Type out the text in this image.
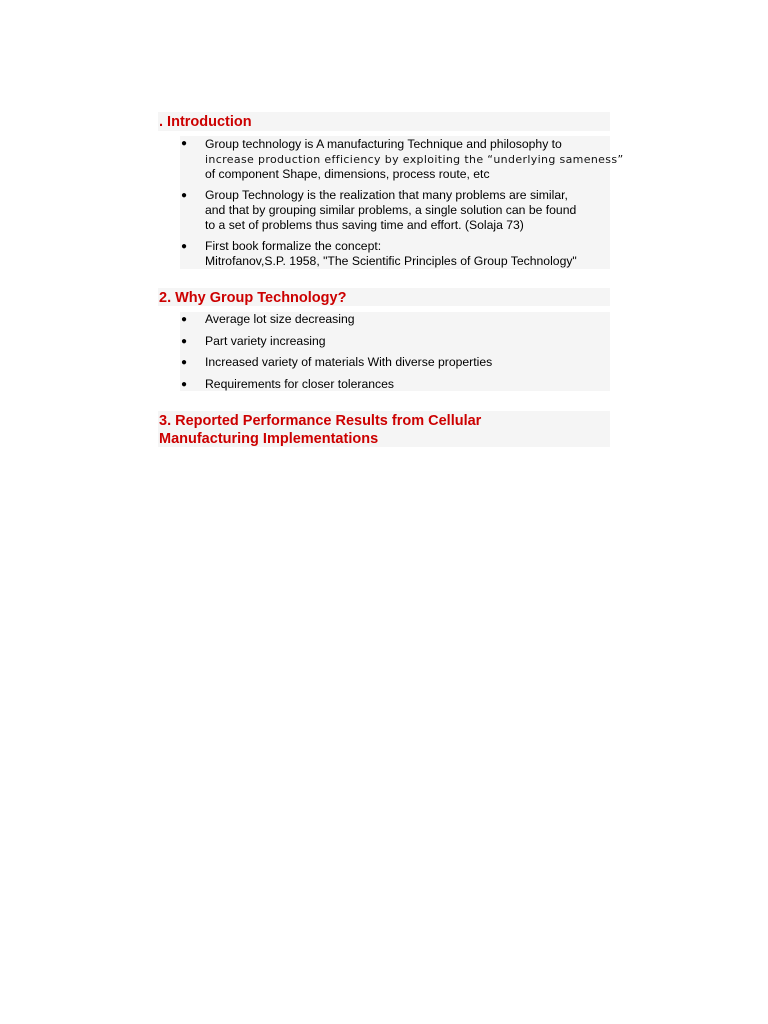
. Introduction
● Group technology is A manufacturing Technique and philosophy to
increase production efficiency by exploiting the “underlying sameness”
of component Shape, dimensions, process route, etc
● Group Technology is the realization that many problems are similar,
and that by grouping similar problems, a single solution can be found
to a set of problems thus saving time and effort. (Solaja 73)
● First book formalize the concept:
Mitrofanov,S.P. 1958, "The Scientific Principles of Group Technology"
2. Why Group Technology?
● Average lot size decreasing
● Part variety increasing
● Increased variety of materials With diverse properties
● Requirements for closer tolerances
3. Reported Performance Results from Cellular
Manufacturing Implementations
